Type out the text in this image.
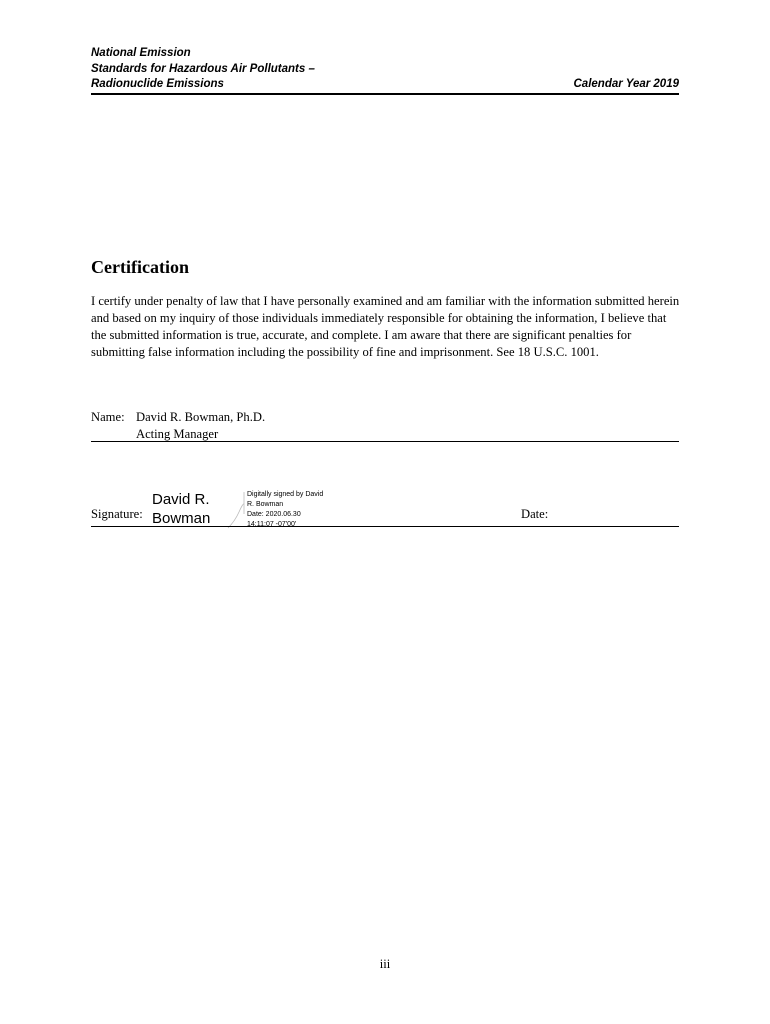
National Emission
Standards for Hazardous Air Pollutants –
Radionuclide Emissions	Calendar Year 2019
Certification

I certify under penalty of law that I have personally examined and am familiar with the information submitted herein and based on my inquiry of those individuals immediately responsible for obtaining the information, I believe that the submitted information is true, accurate, and complete. I am aware that there are significant penalties for submitting false information including the possibility of fine and imprisonment. See 18 U.S.C. 1001.

Name: David R. Bowman, Ph.D.
Acting Manager
Signature:
David R.
Bowman
Digitally signed by David
R. Bowman
Date: 2020.06.30
14:11:07 -07'00'
Date:
iii
